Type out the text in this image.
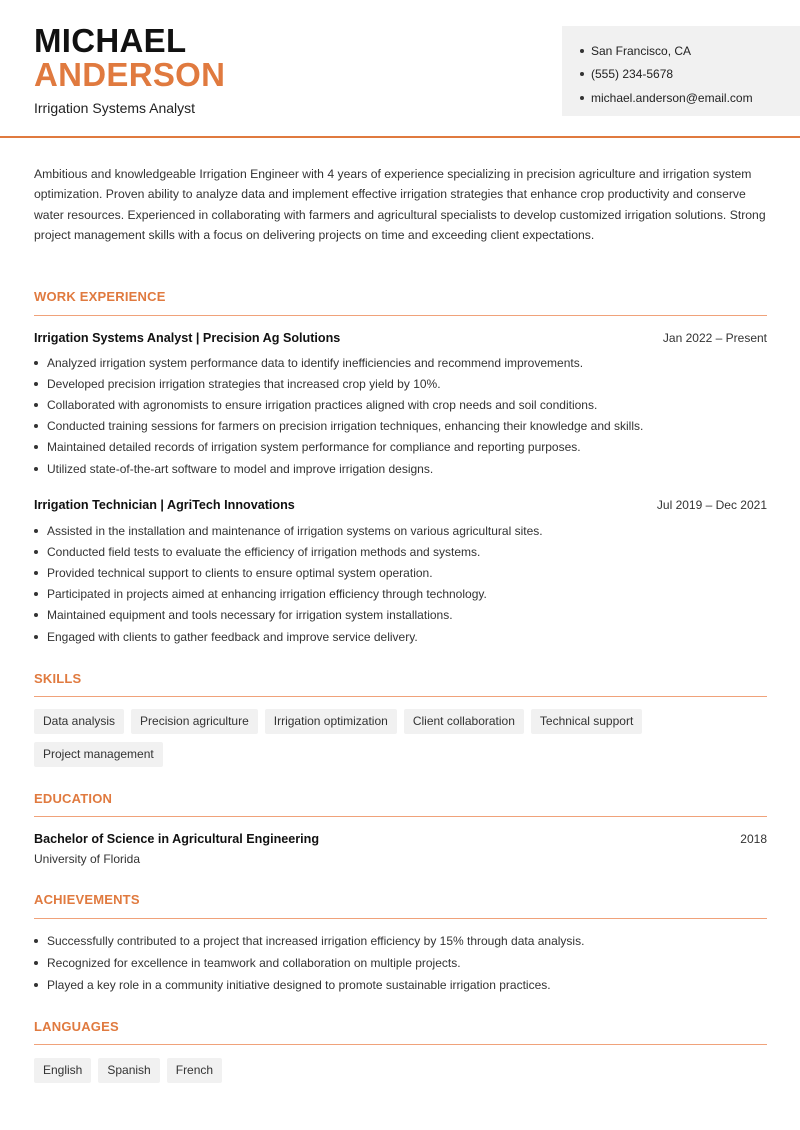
MICHAEL
ANDERSON
Irrigation Systems Analyst
San Francisco, CA
(555) 234-5678
michael.anderson@email.com

Ambitious and knowledgeable Irrigation Engineer with 4 years of experience specializing in precision agriculture and irrigation system optimization. Proven ability to analyze data and implement effective irrigation strategies that enhance crop productivity and conserve water resources. Experienced in collaborating with farmers and agricultural specialists to develop customized irrigation solutions. Strong project management skills with a focus on delivering projects on time and exceeding client expectations.

WORK EXPERIENCE
Irrigation Systems Analyst | Precision Ag Solutions	Jan 2022 – Present
Analyzed irrigation system performance data to identify inefficiencies and recommend improvements.
Developed precision irrigation strategies that increased crop yield by 10%.
Collaborated with agronomists to ensure irrigation practices aligned with crop needs and soil conditions.
Conducted training sessions for farmers on precision irrigation techniques, enhancing their knowledge and skills.
Maintained detailed records of irrigation system performance for compliance and reporting purposes.
Utilized state-of-the-art software to model and improve irrigation designs.
Irrigation Technician | AgriTech Innovations	Jul 2019 – Dec 2021
Assisted in the installation and maintenance of irrigation systems on various agricultural sites.
Conducted field tests to evaluate the efficiency of irrigation methods and systems.
Provided technical support to clients to ensure optimal system operation.
Participated in projects aimed at enhancing irrigation efficiency through technology.
Maintained equipment and tools necessary for irrigation system installations.
Engaged with clients to gather feedback and improve service delivery.
SKILLS
Data analysis	Precision agriculture	Irrigation optimization	Client collaboration	Technical support
Project management
EDUCATION
Bachelor of Science in Agricultural Engineering	2018
University of Florida
ACHIEVEMENTS
Successfully contributed to a project that increased irrigation efficiency by 15% through data analysis.
Recognized for excellence in teamwork and collaboration on multiple projects.
Played a key role in a community initiative designed to promote sustainable irrigation practices.
LANGUAGES
English	Spanish	French
